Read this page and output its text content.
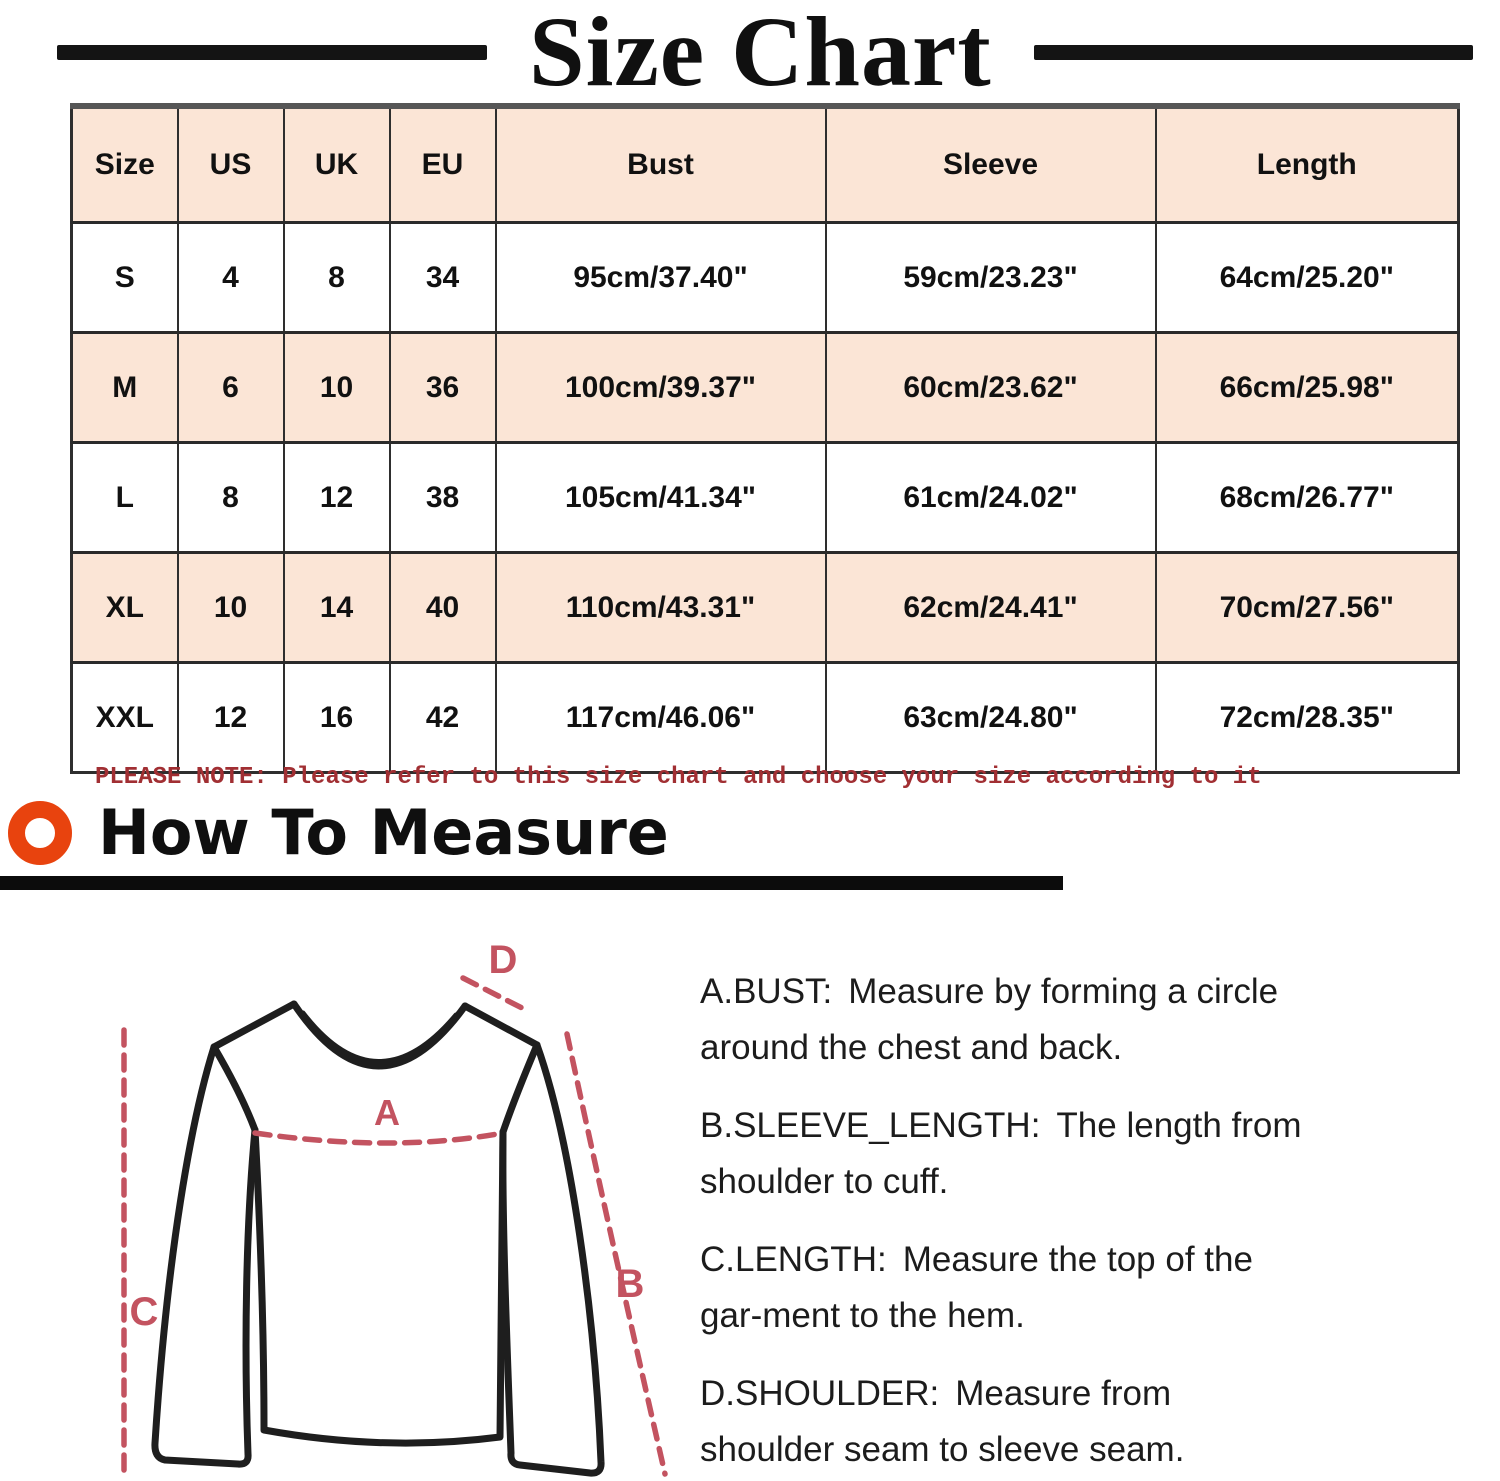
Size Chart
Size	US	UK	EU	Bust	Sleeve	Length
S	4	8	34	95cm/37.40"	59cm/23.23"	64cm/25.20"
M	6	10	36	100cm/39.37"	60cm/23.62"	66cm/25.98"
L	8	12	38	105cm/41.34"	61cm/24.02"	68cm/26.77"
XL	10	14	40	110cm/43.31"	62cm/24.41"	70cm/27.56"
XXL	12	16	42	117cm/46.06"	63cm/24.80"	72cm/28.35"
PLEASE NOTE: Please refer to this size chart and choose your size according to it
How To Measure
A
B
C
D

A.BUST: Measure by forming a circle around the chest and back.

B.SLEEVE_LENGTH: The length from shoulder to cuff.

C.LENGTH: Measure the top of the gar-ment to the hem.

D.SHOULDER: Measure from shoulder seam to sleeve seam.
